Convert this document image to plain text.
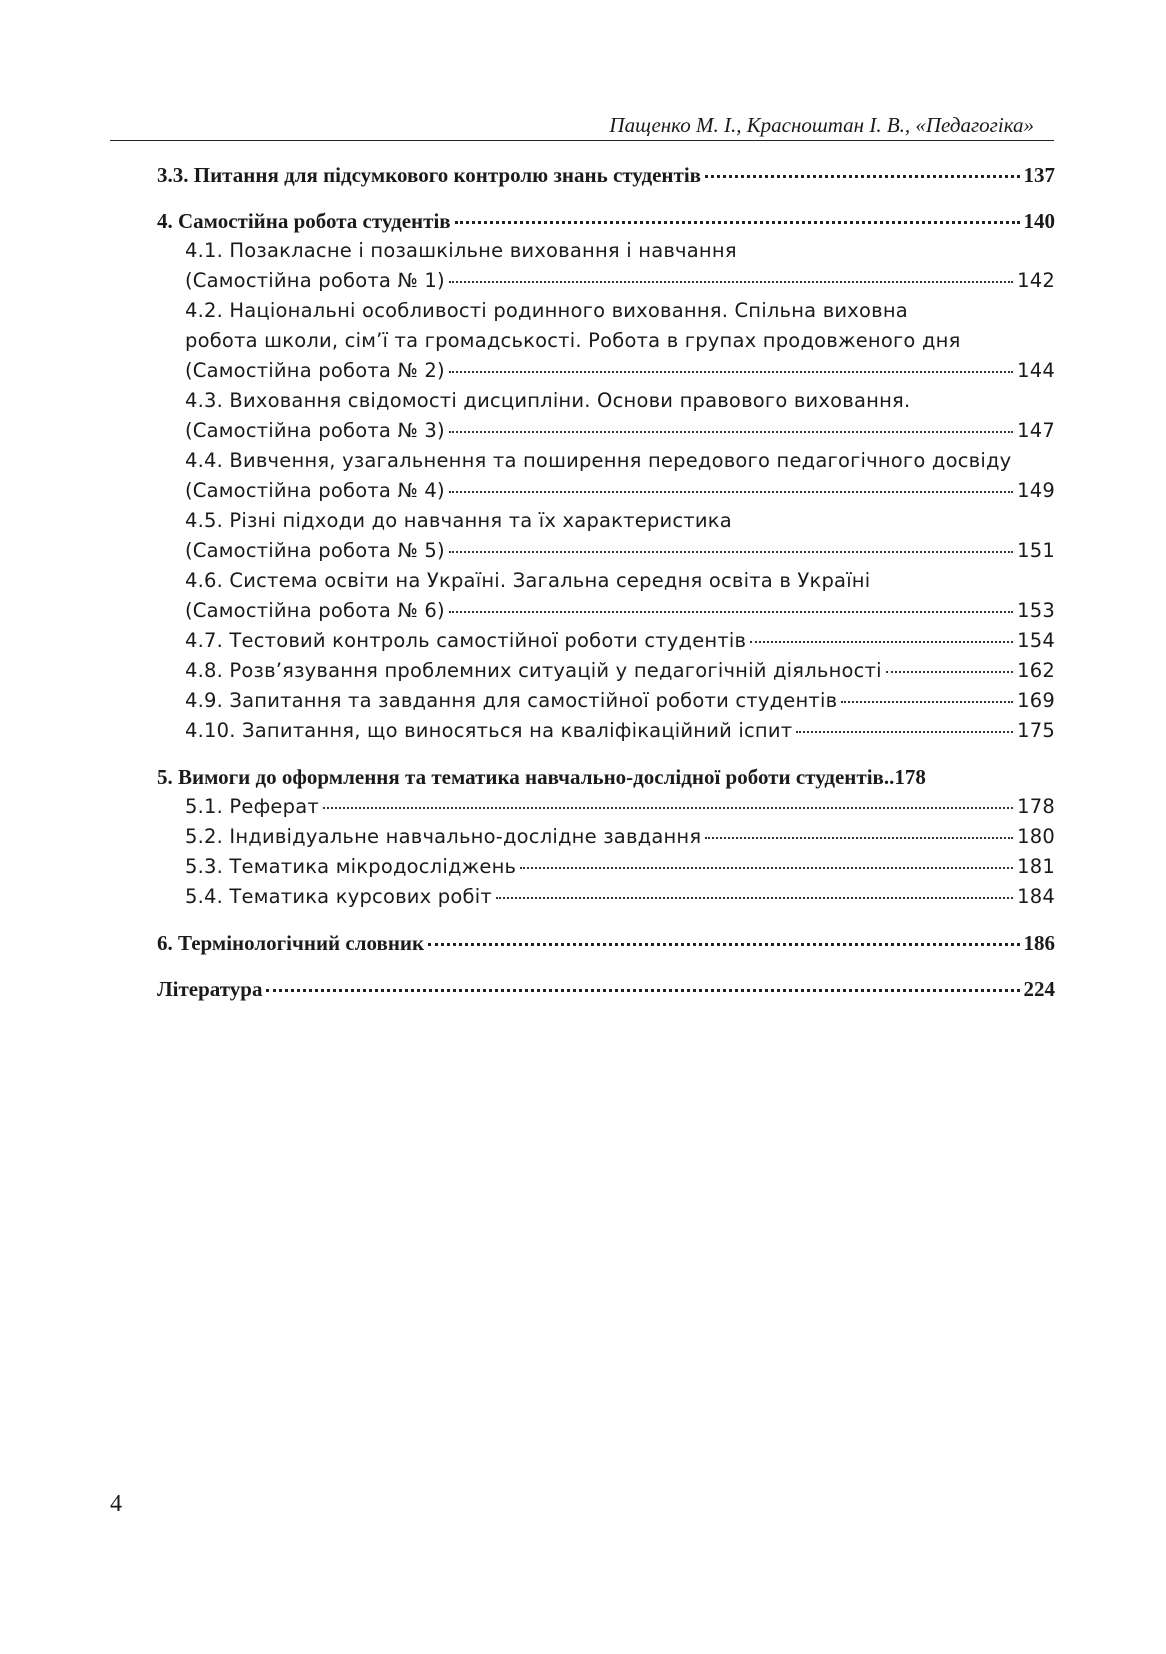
Пащенко М. І., Красноштан І. В., «Педагогіка»
3.3. Питання для підсумкового контролю знань студентів	137
4. Самостійна робота студентів	140
4.1. Позакласне і позашкільне виховання і навчання
(Самостійна робота № 1)	142
4.2. Національні особливості родинного виховання. Спільна виховна
робота школи, сім’ї та громадськості. Робота в групах продовженого дня
(Самостійна робота № 2)	144
4.3. Виховання свідомості дисципліни. Основи правового виховання.
(Самостійна робота № 3)	147
4.4. Вивчення, узагальнення та поширення передового педагогічного досвіду
(Самостійна робота № 4)	149
4.5. Різні підходи до навчання та їх характеристика
(Самостійна робота № 5)	151
4.6. Система освіти на Україні. Загальна середня освіта в Україні
(Самостійна робота № 6)	153
4.7. Тестовий контроль самостійної роботи студентів	154
4.8. Розв’язування проблемних ситуацій у педагогічній діяльності	162
4.9. Запитання та завдання для самостійної роботи студентів	169
4.10. Запитання, що виносяться на кваліфікаційний іспит	175
5. Вимоги до оформлення та тематика навчально-дослідної роботи студентів.. 178
5.1. Реферат	178
5.2. Індивідуальне навчально-дослідне завдання	180
5.3. Тематика мікродосліджень	181
5.4. Тематика курсових робіт	184
6. Термінологічний словник	186
Література	224
4
